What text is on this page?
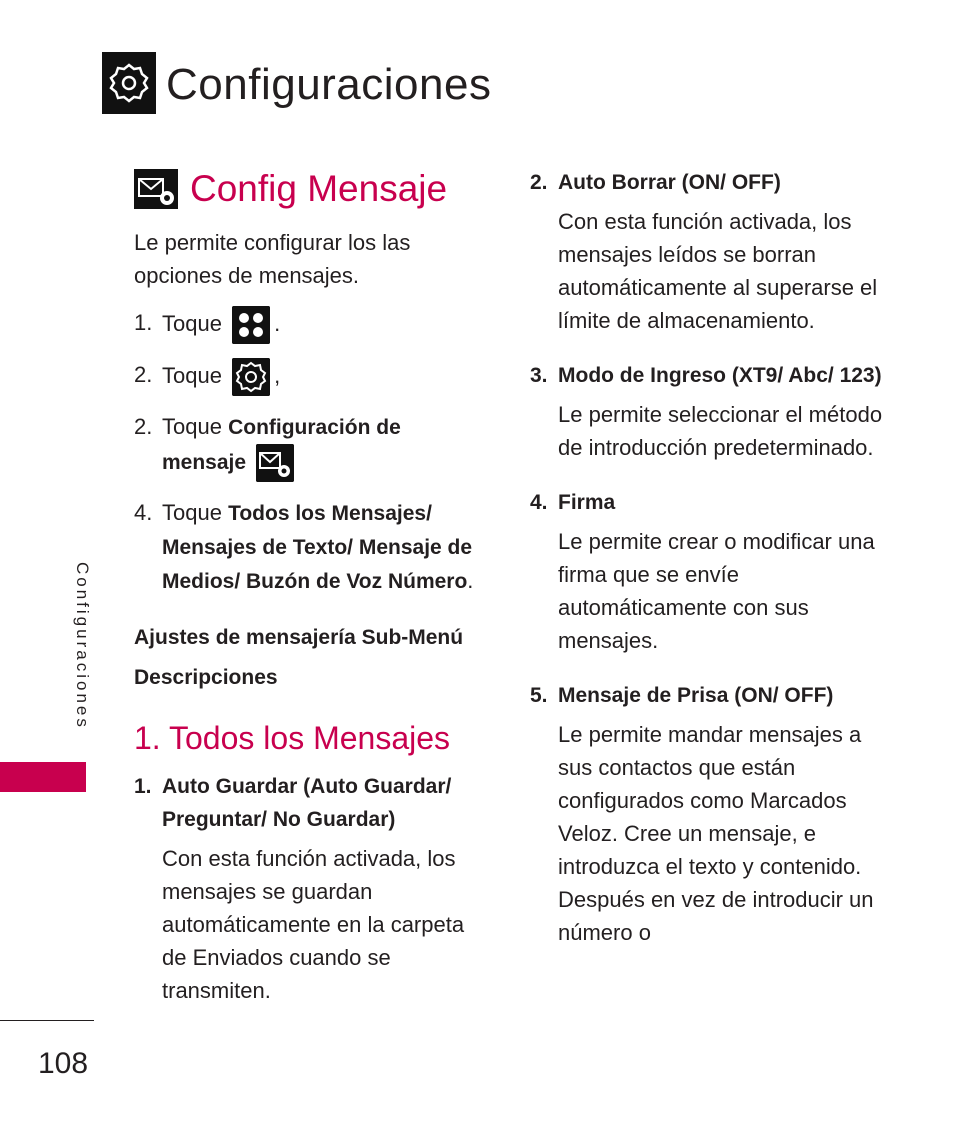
Configuraciones
Config Mensaje

Le permite configurar los las opciones de mensajes.

1. Toque .
2. Toque ,
2. Toque Configuración de mensaje
4. Toque Todos los Mensajes/ Mensajes de Texto/ Mensaje de Medios/ Buzón de Voz Número.
Ajustes de mensajería Sub-Menú Descripciones
1. Todos los Mensajes
1. Auto Guardar (Auto Guardar/ Preguntar/ No Guardar)
Con esta función activada, los mensajes se guardan automáticamente en la carpeta de Enviados cuando se transmiten.
2. Auto Borrar (ON/ OFF)
Con esta función activada, los mensajes leídos se borran automáticamente al superarse el límite de almacenamiento.
3. Modo de Ingreso (XT9/ Abc/ 123)
Le permite seleccionar el método de introducción predeterminado.
4. Firma
Le permite crear o modificar una firma que se envíe automáticamente con sus mensajes.
5. Mensaje de Prisa (ON/ OFF)
Le permite mandar mensajes a sus contactos que están configurados como Marcados Veloz. Cree un mensaje, e introduzca el texto y contenido. Después en vez de introducir un número o
Configuraciones
108
